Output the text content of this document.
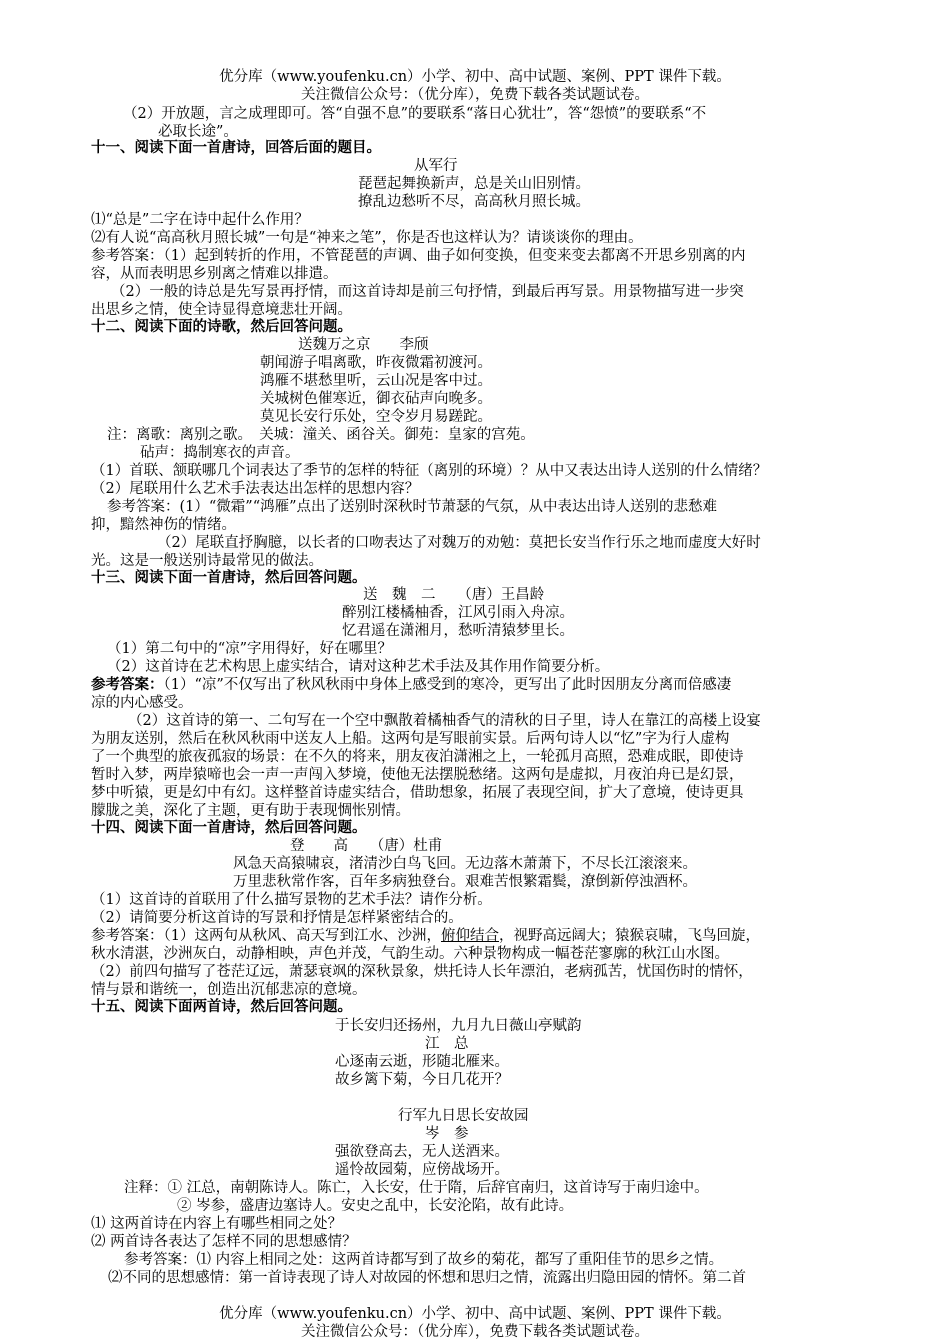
优分库（www.youfenku.cn）小学、初中、高中试题、案例、PPT 课件下载。
关注微信公众号：（优分库），免费下载各类试题试卷。
（2）开放题，言之成理即可。答“自强不息”的要联系“落日心犹壮”，答“怨愤”的要联系“不
必取长途”。
十一、阅读下面一首唐诗，回答后面的题目。
从军行
琵琶起舞换新声，总是关山旧别情。
撩乱边愁听不尽，高高秋月照长城。
⑴“总是”二字在诗中起什么作用？
⑵有人说“高高秋月照长城”一句是“神来之笔”，你是否也这样认为？请谈谈你的理由。
参考答案：（1）起到转折的作用，不管琵琶的声调、曲子如何变换，但变来变去都离不开思乡别离的内
容，从而表明思乡别离之情难以排遣。
（2）一般的诗总是先写景再抒情，而这首诗却是前三句抒情，到最后再写景。用景物描写进一步突
出思乡之情，使全诗显得意境悲壮开阔。
十二、阅读下面的诗歌，然后回答问题。
送魏万之京　　李颀
朝闻游子唱离歌，昨夜微霜初渡河。
鸿雁不堪愁里听，云山况是客中过。
关城树色催寒近，御衣砧声向晚多。
莫见长安行乐处，空令岁月易蹉跎。
注：离歌：离别之歌。　关城：潼关、函谷关。御苑：皇家的宫苑。
砧声：捣制寒衣的声音。
（1）首联、颔联哪几个词表达了季节的怎样的特征（离别的环境）？从中又表达出诗人送别的什么情绪？
（2）尾联用什么艺术手法表达出怎样的思想内容？
参考答案：(1）“微霜”“鸿雁”点出了送别时深秋时节萧瑟的气氛，从中表达出诗人送别的悲愁难
抑，黯然神伤的情绪。
（2）尾联直抒胸臆，以长者的口吻表达了对魏万的劝勉：莫把长安当作行乐之地而虚度大好时
光。这是一般送别诗最常见的做法。
十三、阅读下面一首唐诗，然后回答问题。
送　魏　二　　（唐）王昌龄
醉别江楼橘柚香，江风引雨入舟凉。
忆君遥在潇湘月，愁听清猿梦里长。
（1）第二句中的“凉”字用得好，好在哪里？
（2）这首诗在艺术构思上虚实结合，请对这种艺术手法及其作用作简要分析。
参考答案：（1）“凉”不仅写出了秋风秋雨中身体上感受到的寒冷，更写出了此时因朋友分离而倍感凄
凉的内心感受。
（2）这首诗的第一、二句写在一个空中飘散着橘柚香气的清秋的日子里，诗人在靠江的高楼上设宴
为朋友送别，然后在秋风秋雨中送友人上船。这两句是写眼前实景。后两句诗人以“忆”字为行人虚构
了一个典型的旅夜孤寂的场景：在不久的将来，朋友夜泊潇湘之上，一轮孤月高照，恐难成眠，即使诗
暂时入梦，两岸猿啼也会一声一声闯入梦境，使他无法摆脱愁绪。这两句是虚拟，月夜泊舟已是幻景，
梦中听猿，更是幻中有幻。这样整首诗虚实结合，借助想象，拓展了表现空间，扩大了意境，使诗更具
朦胧之美，深化了主题，更有助于表现惆怅别情。
十四、阅读下面一首唐诗，然后回答问题。
登　　高　　（唐）杜甫
风急天高猿啸哀，渚清沙白鸟飞回。无边落木萧萧下，不尽长江滚滚来。
万里悲秋常作客，百年多病独登台。艰难苦恨繁霜鬓，潦倒新停浊酒杯。
（1）这首诗的首联用了什么描写景物的艺术手法？请作分析。
（2）请简要分析这首诗的写景和抒情是怎样紧密结合的。
参考答案：（1）这两句从秋风、高天写到江水、沙洲，俯仰结合，视野高远阔大；猿猴哀啸，飞鸟回旋，
秋水清湛，沙洲灰白，动静相映，声色并茂，气韵生动。六种景物构成一幅苍茫寥廓的秋江山水图。
（2）前四句描写了苍茫辽远，萧瑟衰飒的深秋景象，烘托诗人长年漂泊，老病孤苦，忧国伤时的情怀，
情与景和谐统一，创造出沉郁悲凉的意境。
十五、阅读下面两首诗，然后回答问题。
于长安归还扬州，九月九日薇山亭赋韵
江　总
心逐南云逝，形随北雁来。
故乡篱下菊，今日几花开？
行军九日思长安故园
岑　参
强欲登高去，无人送酒来。
遥怜故园菊，应傍战场开。
注释：① 江总，南朝陈诗人。陈亡，入长安，仕于隋，后辞官南归，这首诗写于南归途中。
② 岑参，盛唐边塞诗人。安史之乱中，长安沦陷，故有此诗。
⑴ 这两首诗在内容上有哪些相同之处？
⑵ 两首诗各表达了怎样不同的思想感情？
参考答案：⑴ 内容上相同之处：这两首诗都写到了故乡的菊花，都写了重阳佳节的思乡之情。
⑵不同的思想感情：第一首诗表现了诗人对故园的怀想和思归之情，流露出归隐田园的情怀。第二首
优分库（www.youfenku.cn）小学、初中、高中试题、案例、PPT 课件下载。
关注微信公众号：（优分库），免费下载各类试题试卷。
